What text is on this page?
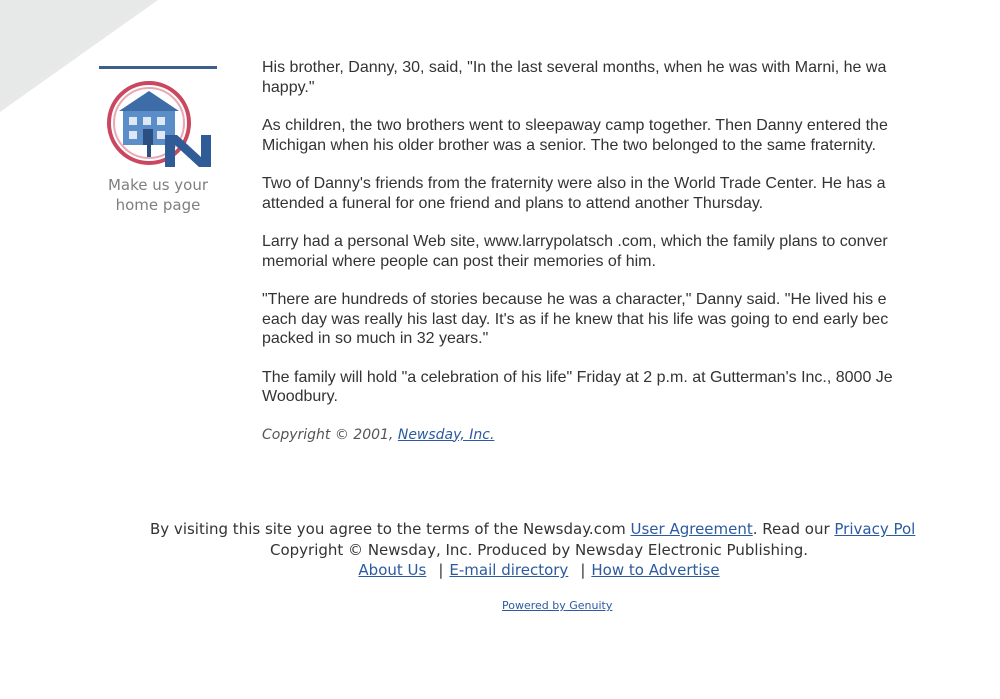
Make us your
home page

His brother, Danny, 30, said, "In the last several months, when he was with Marni, he wa
happy."

As children, the two brothers went to sleepaway camp together. Then Danny entered the
Michigan when his older brother was a senior. The two belonged to the same fraternity.

Two of Danny's friends from the fraternity were also in the World Trade Center. He has a
attended a funeral for one friend and plans to attend another Thursday.

Larry had a personal Web site, www.larrypolatsch .com, which the family plans to conver
memorial where people can post their memories of him.

"There are hundreds of stories because he was a character," Danny said. "He lived his e
each day was really his last day. It's as if he knew that his life was going to end early bec
packed in so much in 32 years."

The family will hold "a celebration of his life" Friday at 2 p.m. at Gutterman's Inc., 8000 Je
Woodbury.

Copyright © 2001, Newsday, Inc.

By visiting this site you agree to the terms of the Newsday.com User Agreement. Read our Privacy Pol
Copyright © Newsday, Inc. Produced by Newsday Electronic Publishing.
About Us | E-mail directory | How to Advertise
Powered by Genuity
